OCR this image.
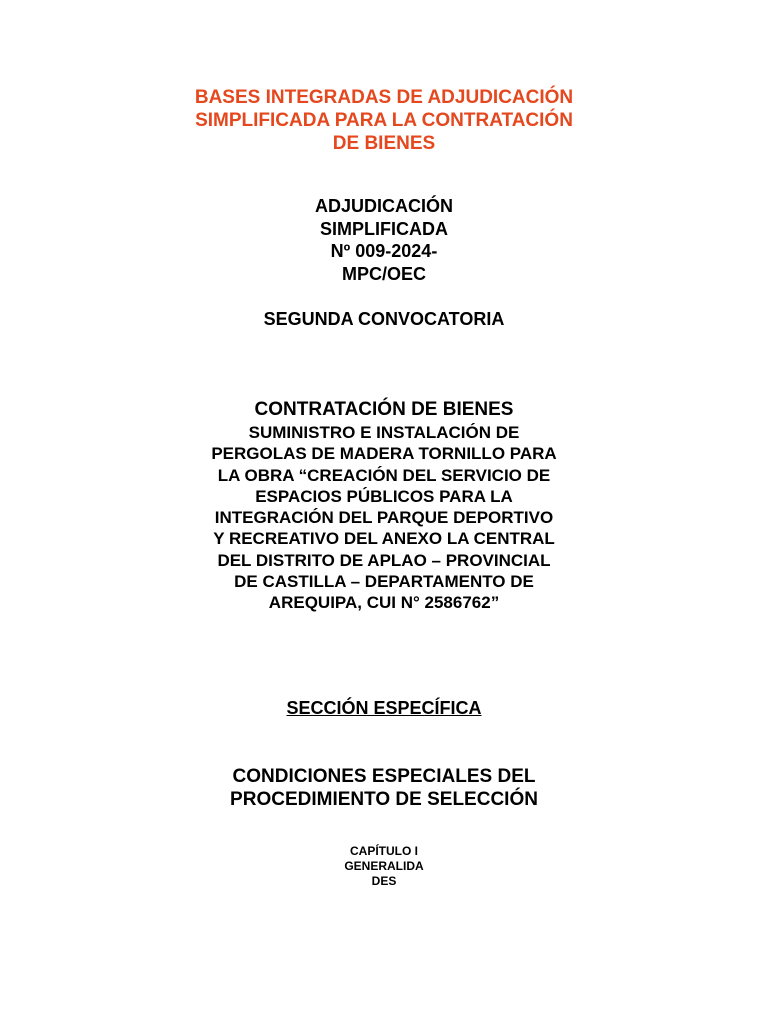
BASES INTEGRADAS DE ADJUDICACIÓN
SIMPLIFICADA PARA LA CONTRATACIÓN
DE BIENES
ADJUDICACIÓN
SIMPLIFICADA
Nº 009-2024-
MPC/OEC
SEGUNDA CONVOCATORIA
CONTRATACIÓN DE BIENES
SUMINISTRO E INSTALACIÓN DE
PERGOLAS DE MADERA TORNILLO PARA
LA OBRA “CREACIÓN DEL SERVICIO DE
ESPACIOS PÚBLICOS PARA LA
INTEGRACIÓN DEL PARQUE DEPORTIVO
Y RECREATIVO DEL ANEXO LA CENTRAL
DEL DISTRITO DE APLAO – PROVINCIAL
DE CASTILLA – DEPARTAMENTO DE
AREQUIPA, CUI N° 2586762”
SECCIÓN ESPECÍFICA
CONDICIONES ESPECIALES DEL
PROCEDIMIENTO DE SELECCIÓN
CAPÍTULO I
GENERALIDA
DES
